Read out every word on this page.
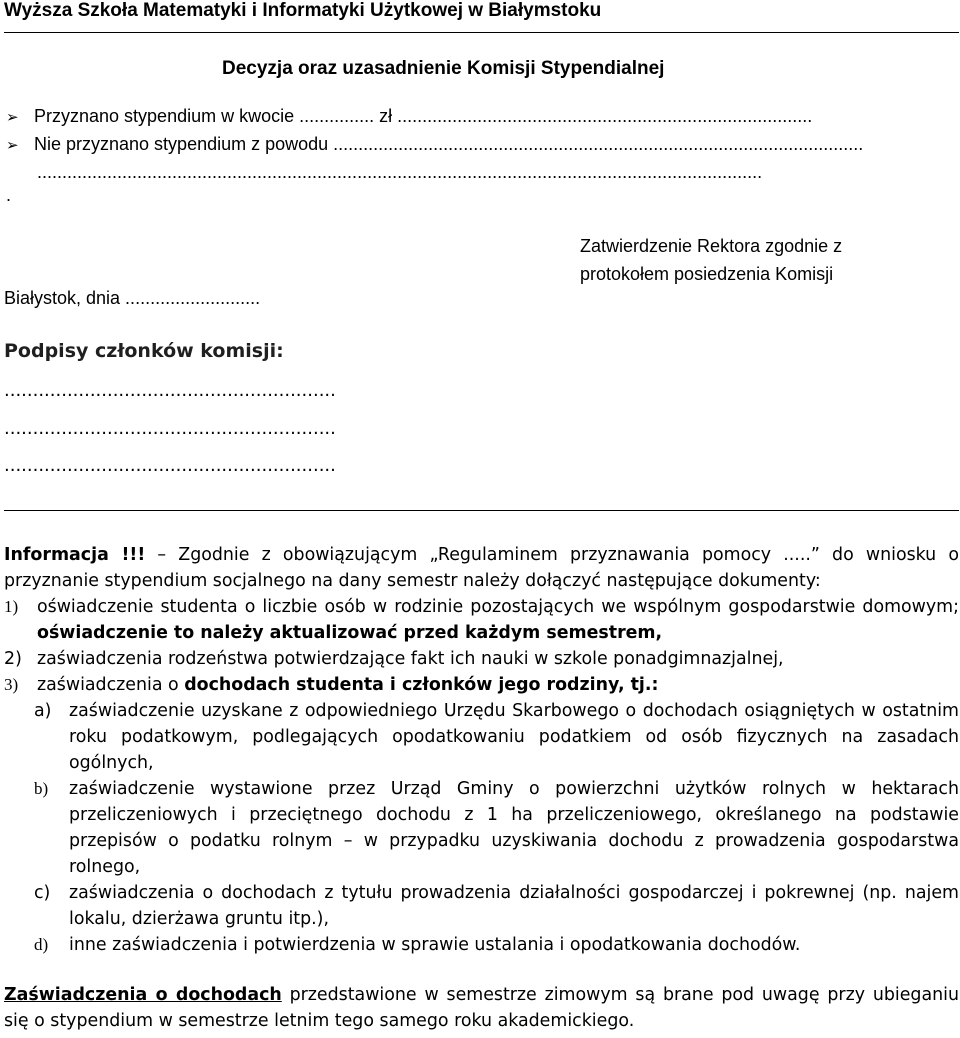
Wyższa Szkoła Matematyki i Informatyki Użytkowej w Białymstoku
Decyzja oraz uzasadnienie Komisji Stypendialnej
➢ Przyznano stypendium w kwocie ............... zł ...................................................................................
➢ Nie przyznano stypendium z powodu ..........................................................................................................
.................................................................................................................................................
.
Zatwierdzenie Rektora zgodnie z
protokołem posiedzenia Komisji
Białystok, dnia ...........................
Podpisy członków komisji:
..........................................................
..........................................................
..........................................................
Informacja !!! – Zgodnie z obowiązującym „Regulaminem przyznawania pomocy .....” do wniosku o przyznanie stypendium socjalnego na dany semestr należy dołączyć następujące dokumenty:
1) oświadczenie studenta o liczbie osób w rodzinie pozostających we wspólnym gospodarstwie domowym; oświadczenie to należy aktualizować przed każdym semestrem,
2) zaświadczenia rodzeństwa potwierdzające fakt ich nauki w szkole ponadgimnazjalnej,
3) zaświadczenia o dochodach studenta i członków jego rodziny, tj.:
a) zaświadczenie uzyskane z odpowiedniego Urzędu Skarbowego o dochodach osiągniętych w ostatnim roku podatkowym, podlegających opodatkowaniu podatkiem od osób fizycznych na zasadach ogólnych,
b) zaświadczenie wystawione przez Urząd Gminy o powierzchni użytków rolnych w hektarach przeliczeniowych i przeciętnego dochodu z 1 ha przeliczeniowego, określanego na podstawie przepisów o podatku rolnym – w przypadku uzyskiwania dochodu z prowadzenia gospodarstwa rolnego,
c) zaświadczenia o dochodach z tytułu prowadzenia działalności gospodarczej i pokrewnej (np. najem lokalu, dzierżawa gruntu itp.),
d) inne zaświadczenia i potwierdzenia w sprawie ustalania i opodatkowania dochodów.
Zaświadczenia o dochodach przedstawione w semestrze zimowym są brane pod uwagę przy ubieganiu się o stypendium w semestrze letnim tego samego roku akademickiego.
